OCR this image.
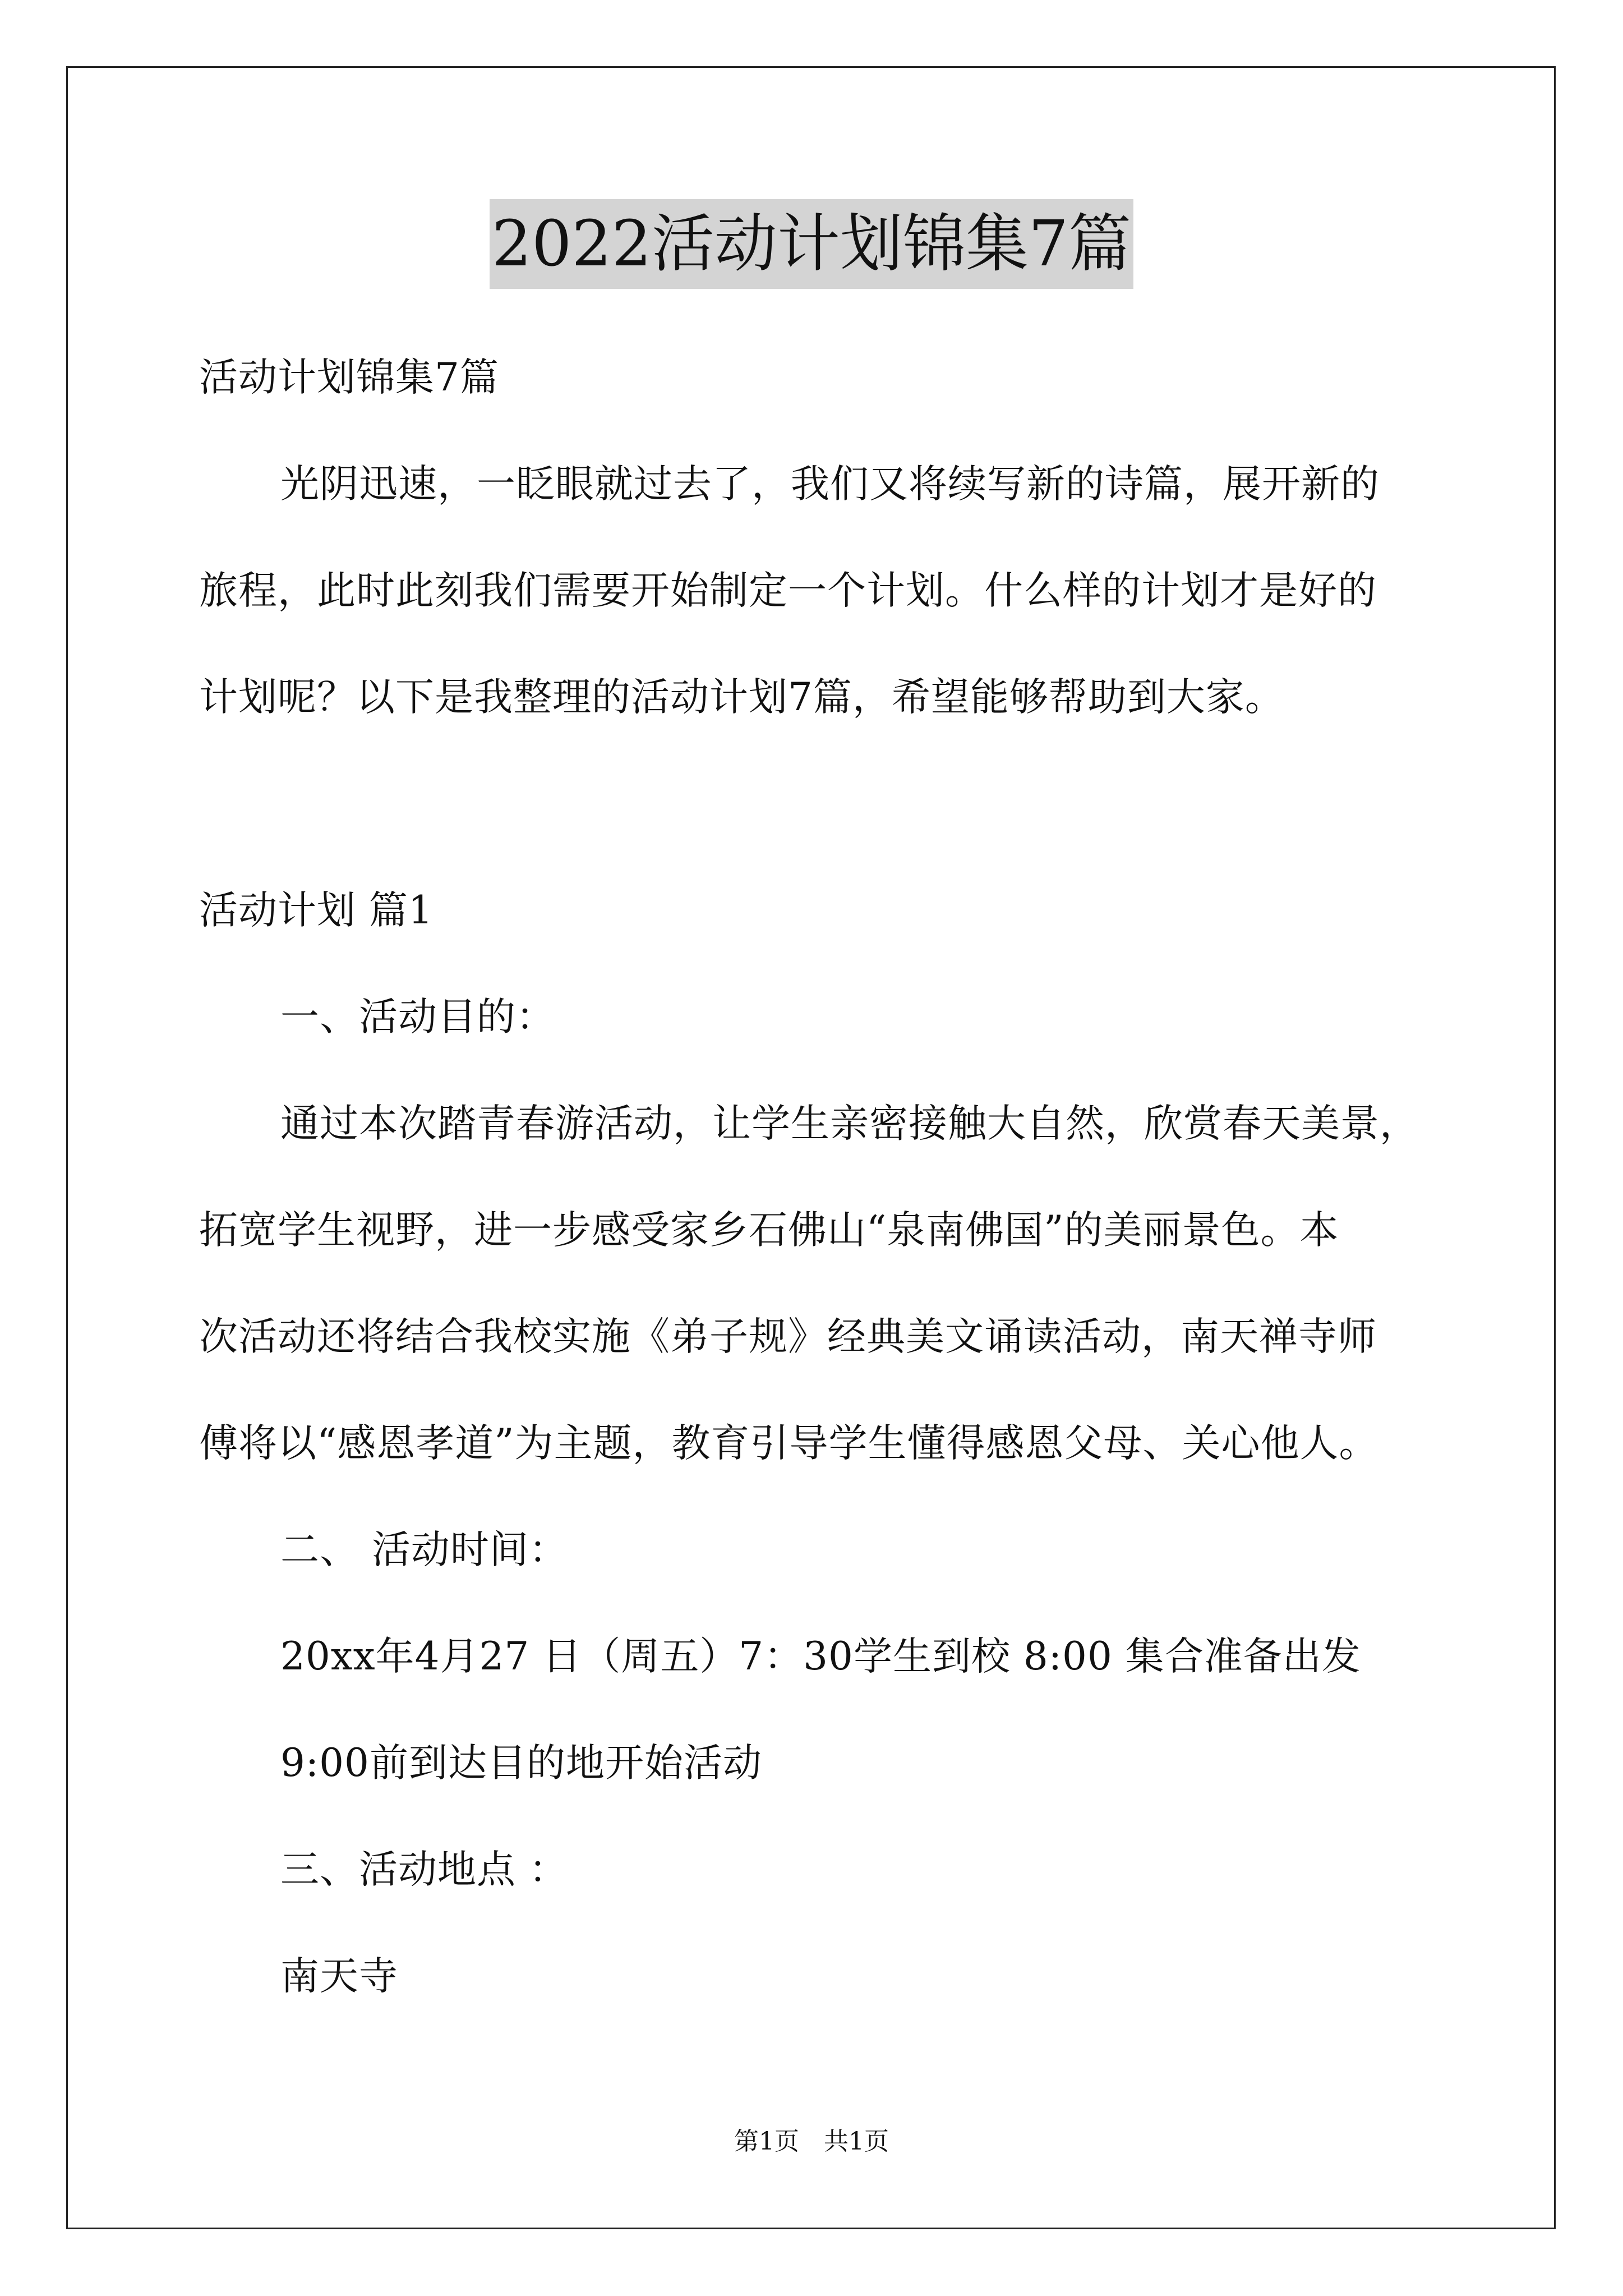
2022活动计划锦集7篇
活动计划锦集7篇
光阴迅速，一眨眼就过去了，我们又将续写新的诗篇，展开新的
旅程，此时此刻我们需要开始制定一个计划。什么样的计划才是好的
计划呢？以下是我整理的活动计划7篇，希望能够帮助到大家。
活动计划 篇1
一、活动目的：
通过本次踏青春游活动，让学生亲密接触大自然，欣赏春天美景，
拓宽学生视野，进一步感受家乡石佛山“泉南佛国”的美丽景色。本
次活动还将结合我校实施《弟子规》经典美文诵读活动，南天禅寺师
傅将以“感恩孝道”为主题，教育引导学生懂得感恩父母、关心他人。
二、 活动时间：
20xx年4月27 日（周五）7：30学生到校 8:00 集合准备出发
9:00前到达目的地开始活动
三、活动地点 ：
南天寺
第1页　共1页
